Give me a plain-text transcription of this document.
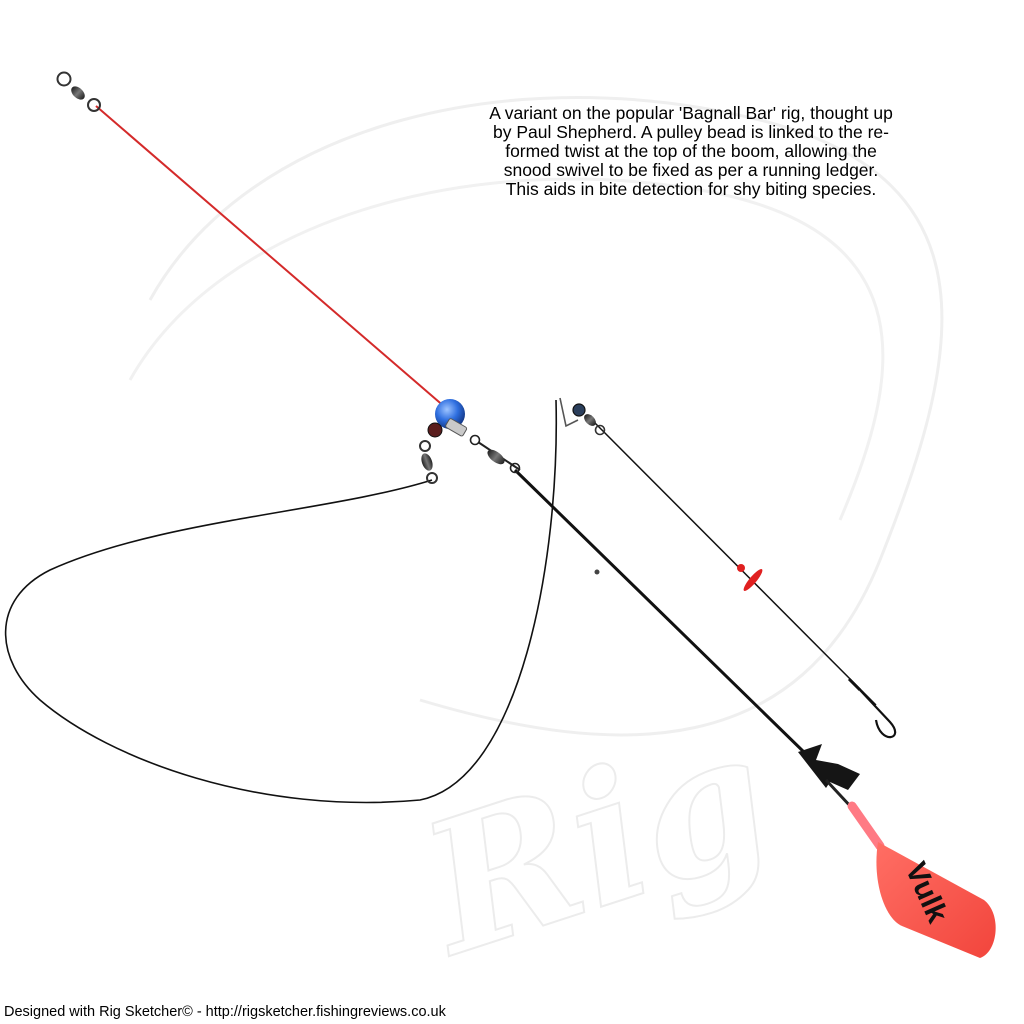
Rig	Vulk
A variant on the popular 'Bagnall Bar' rig, thought up by Paul Shepherd. A pulley bead is linked to the re-formed twist at the top of the boom, allowing the snood swivel to be fixed as per a running ledger. This aids in bite detection for shy biting species.
Designed with Rig Sketcher© - http://rigsketcher.fishingreviews.co.uk
